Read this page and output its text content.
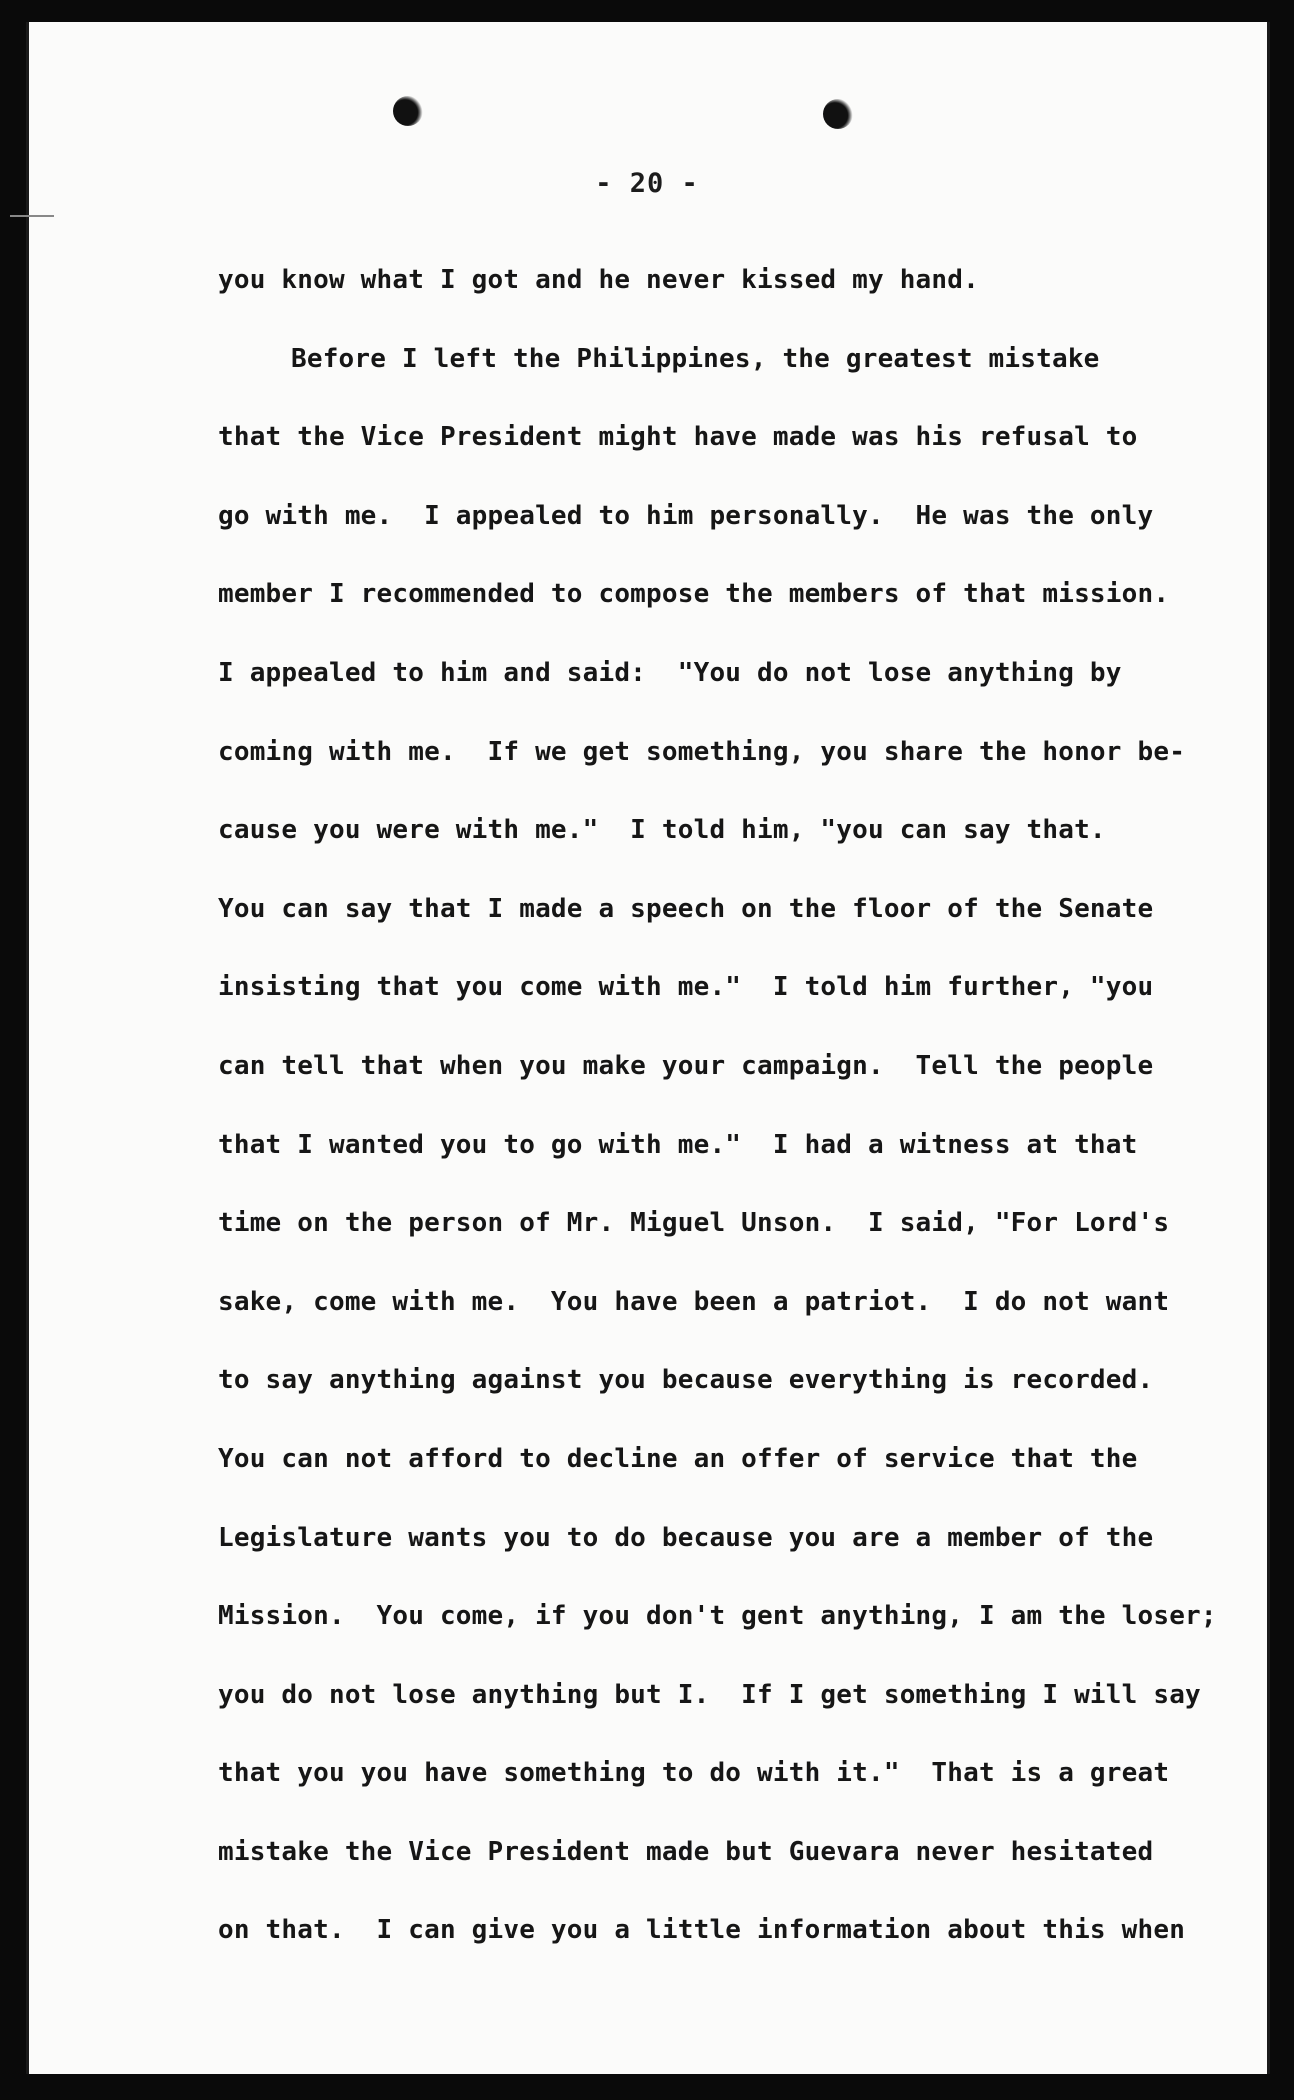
- 20 -
you know what I got and he never kissed my hand.
Before I left the Philippines, the greatest mistake
that the Vice President might have made was his refusal to
go with me.  I appealed to him personally.  He was the only
member I recommended to compose the members of that mission.
I appealed to him and said:  "You do not lose anything by
coming with me.  If we get something, you share the honor be-
cause you were with me."  I told him, "you can say that.
You can say that I made a speech on the floor of the Senate
insisting that you come with me."  I told him further, "you
can tell that when you make your campaign.  Tell the people
that I wanted you to go with me."  I had a witness at that
time on the person of Mr. Miguel Unson.  I said, "For Lord's
sake, come with me.  You have been a patriot.  I do not want
to say anything against you because everything is recorded.
You can not afford to decline an offer of service that the
Legislature wants you to do because you are a member of the
Mission.  You come, if you don't gent anything, I am the loser;
you do not lose anything but I.  If I get something I will say
that you you have something to do with it."  That is a great
mistake the Vice President made but Guevara never hesitated
on that.  I can give you a little information about this when
